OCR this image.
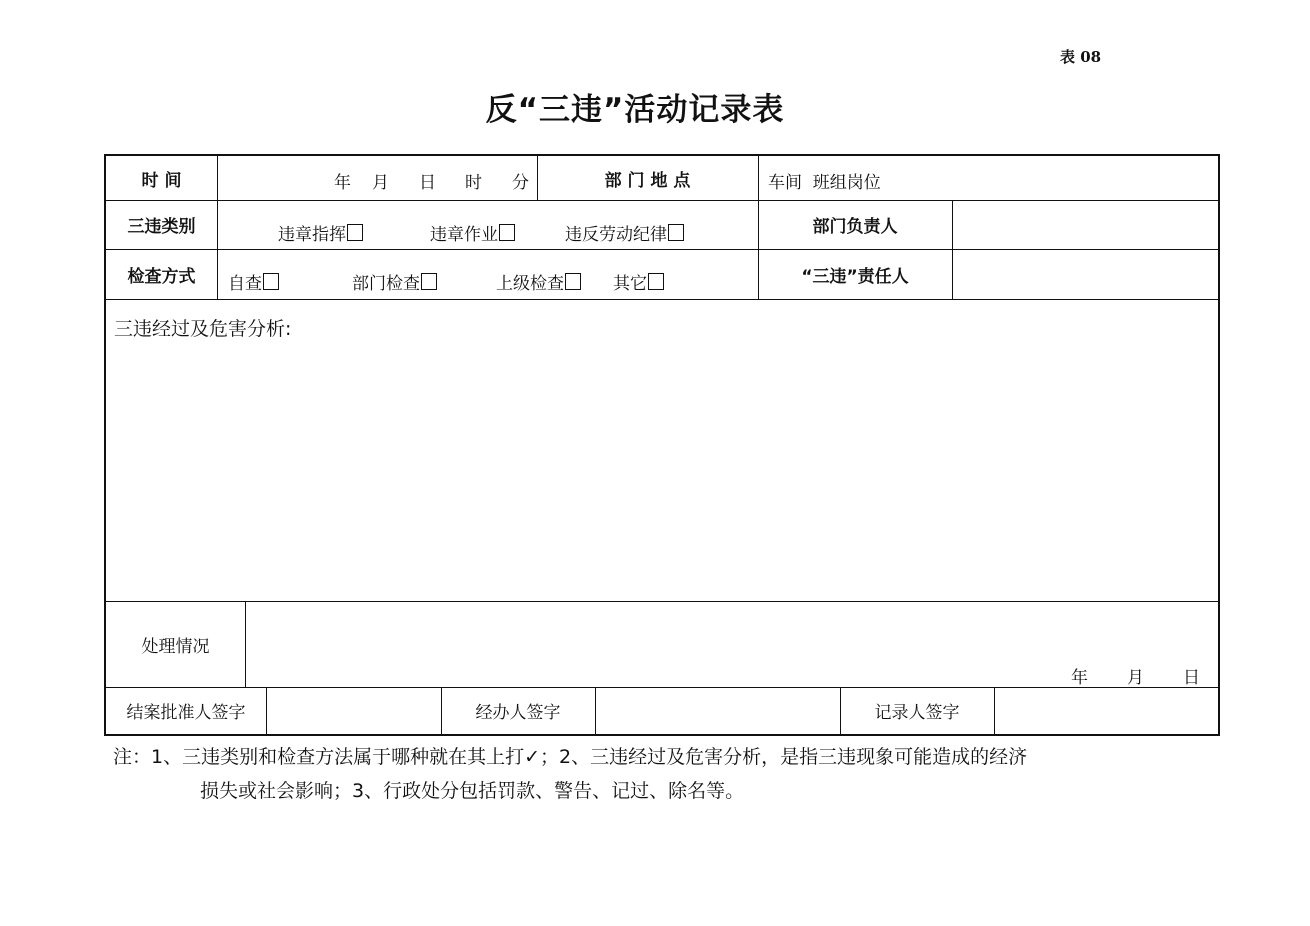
表 08
反“三违”活动记录表
时 间	年 月 日 时 分	部 门 地 点	车间  班组岗位
三违类别	违章指挥	违章作业	违反劳动纪律	部门负责人
检查方式	自查	部门检查	上级检查	其它	“三违”责任人
三违经过及危害分析:
处理情况
年 月 日
结案批准人签字	经办人签字	记录人签字
注：1、三违类别和检查方法属于哪种就在其上打✓；2、三违经过及危害分析，是指三违现象可能造成的经济
损失或社会影响；3、行政处分包括罚款、警告、记过、除名等。
